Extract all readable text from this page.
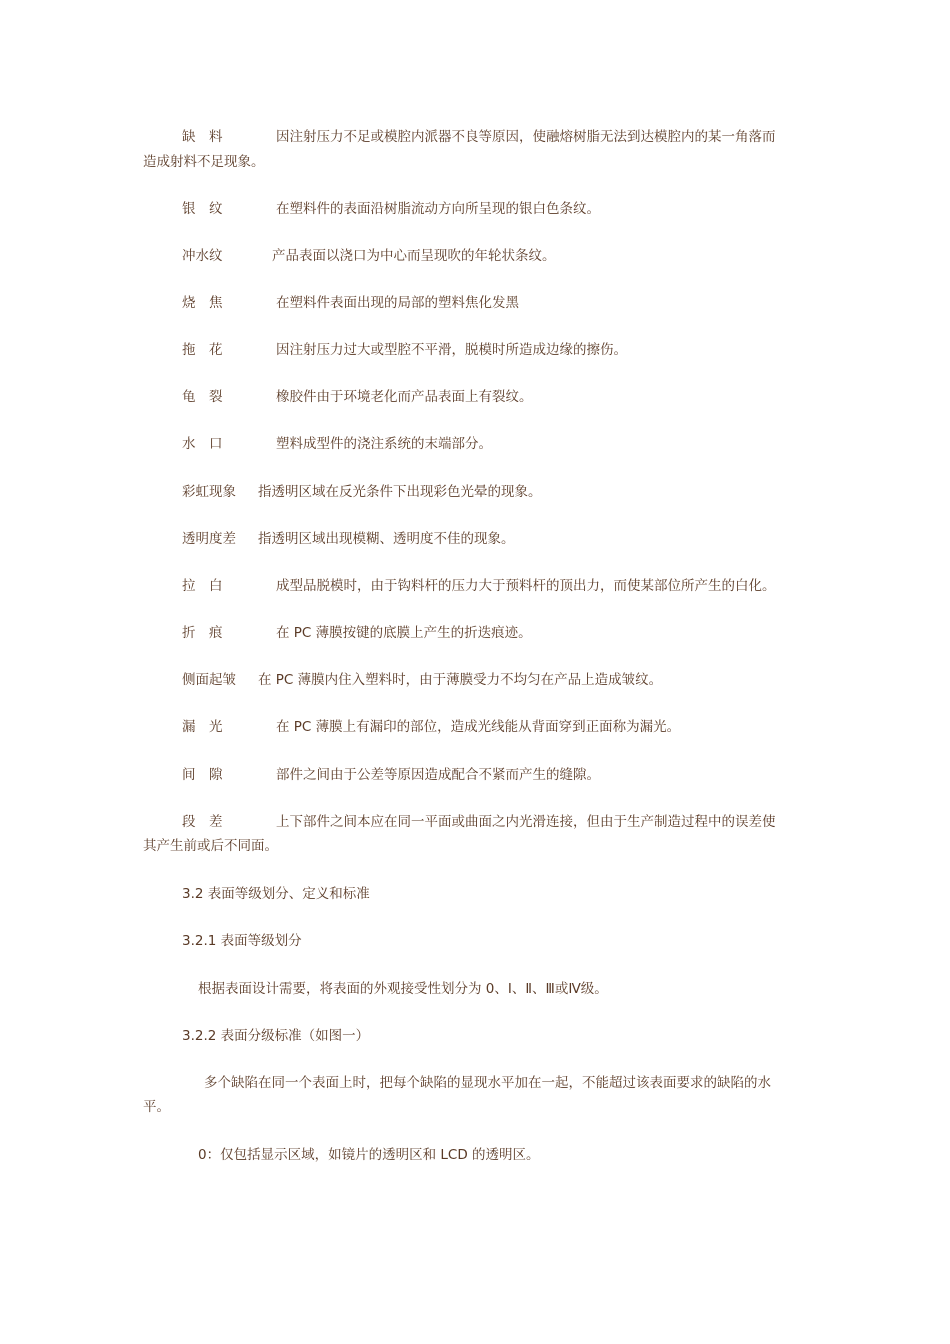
缺　料	因注射压力不足或模腔内派器不良等原因，使融熔树脂无法到达模腔内的某一角落而
造成射料不足现象。
银　纹	在塑料件的表面沿树脂流动方向所呈现的银白色条纹。
冲水纹	产品表面以浇口为中心而呈现吹的年轮状条纹。
烧　焦	在塑料件表面出现的局部的塑料焦化发黑
拖　花	因注射压力过大或型腔不平滑，脱模时所造成边缘的擦伤。
龟　裂	橡胶件由于环境老化而产品表面上有裂纹。
水　口	塑料成型件的浇注系统的末端部分。
彩虹现象 指透明区域在反光条件下出现彩色光晕的现象。
透明度差 指透明区域出现模糊、透明度不佳的现象。
拉　白	成型品脱模时，由于钩料杆的压力大于预料杆的顶出力，而使某部位所产生的白化。
折　痕	在 PC 薄膜按键的底膜上产生的折迭痕迹。
侧面起皱 在 PC 薄膜内住入塑料时，由于薄膜受力不均匀在产品上造成皱纹。
漏　光	在 PC 薄膜上有漏印的部位，造成光线能从背面穿到正面称为漏光。
间　隙	部件之间由于公差等原因造成配合不紧而产生的缝隙。
段　差	上下部件之间本应在同一平面或曲面之内光滑连接，但由于生产制造过程中的误差使
其产生前或后不同面。
3.2 表面等级划分、定义和标准
3.2.1 表面等级划分
根据表面设计需要，将表面的外观接受性划分为 0、Ⅰ、Ⅱ、Ⅲ或Ⅳ级。
3.2.2 表面分级标准（如图一）
多个缺陷在同一个表面上时，把每个缺陷的显现水平加在一起，不能超过该表面要求的缺陷的水
平。
0：仅包括显示区域，如镜片的透明区和 LCD 的透明区。
